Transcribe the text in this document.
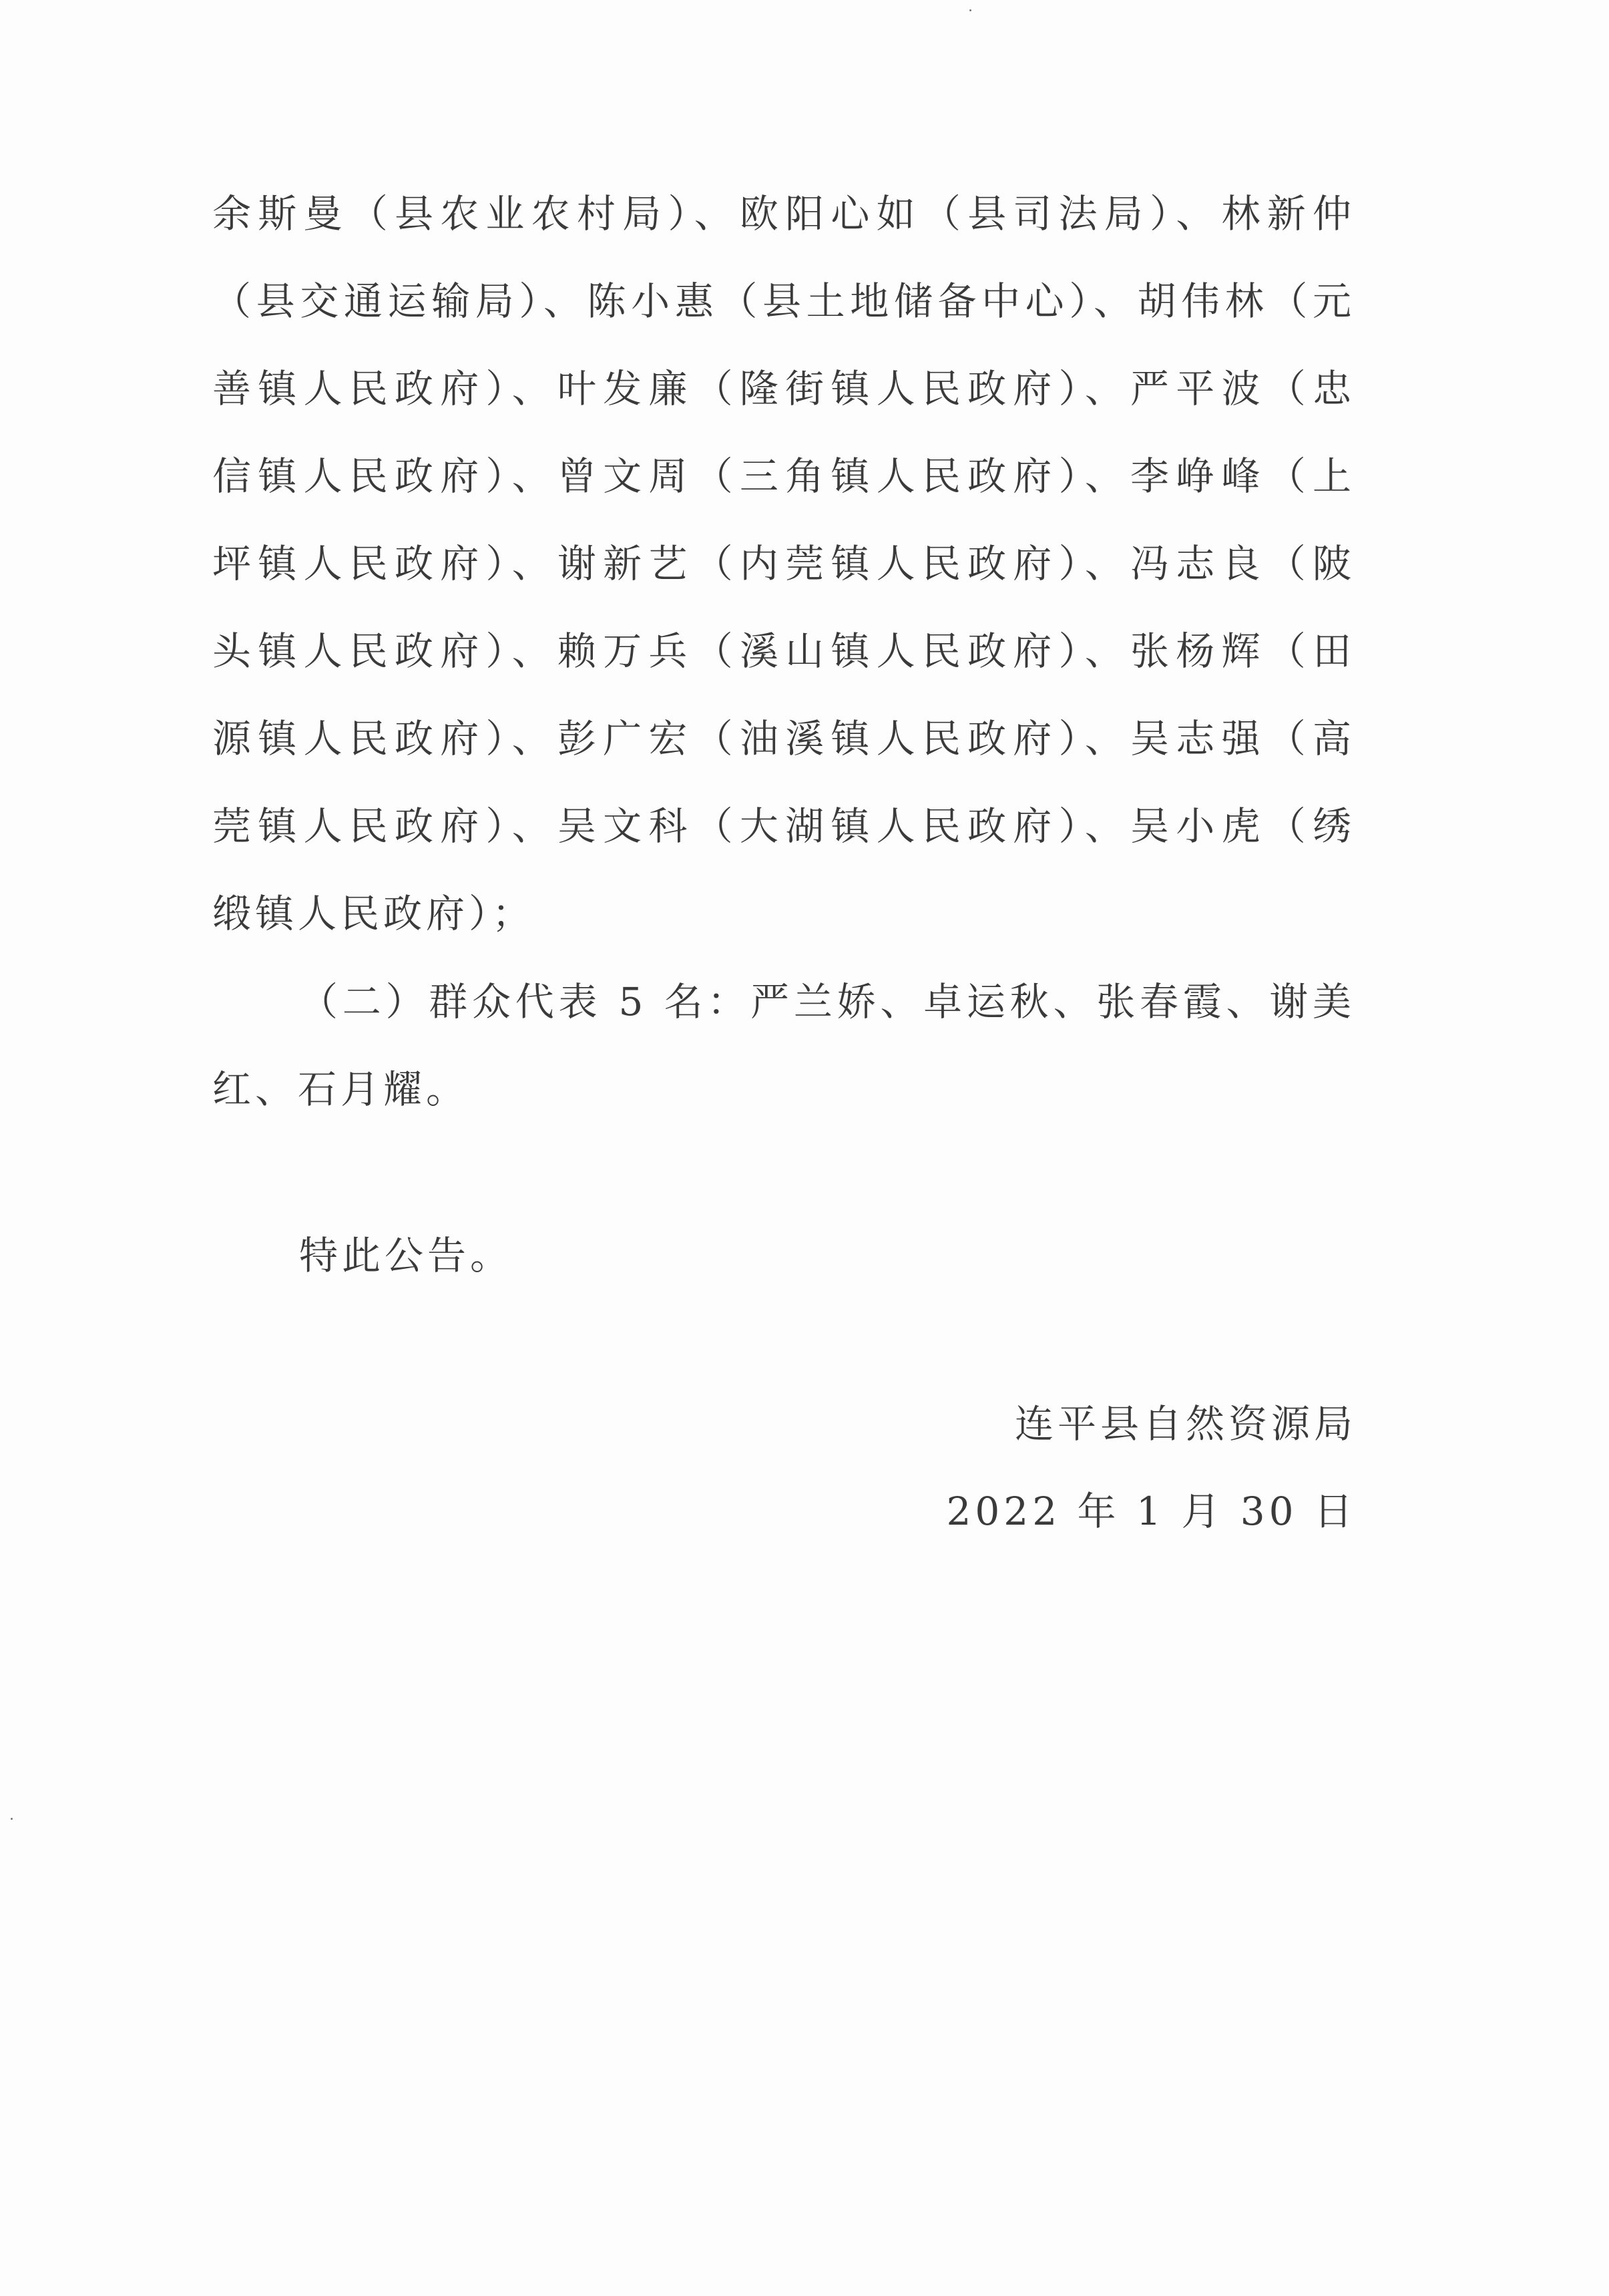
余斯曼（县农业农村局）、欧阳心如（县司法局）、林新仲
（县交通运输局）、陈小惠（县土地储备中心）、胡伟林（元
善镇人民政府）、叶发廉（隆街镇人民政府）、严平波（忠
信镇人民政府）、曾文周（三角镇人民政府）、李峥峰（上
坪镇人民政府）、谢新艺（内莞镇人民政府）、冯志良（陂
头镇人民政府）、赖万兵（溪山镇人民政府）、张杨辉（田
源镇人民政府）、彭广宏（油溪镇人民政府）、吴志强（高
莞镇人民政府）、吴文科（大湖镇人民政府）、吴小虎（绣
缎镇人民政府）；
（二）群众代表 5 名：严兰娇、卓运秋、张春霞、谢美
红、石月耀。
特此公告。
连平县自然资源局
2022 年 1 月 30 日
